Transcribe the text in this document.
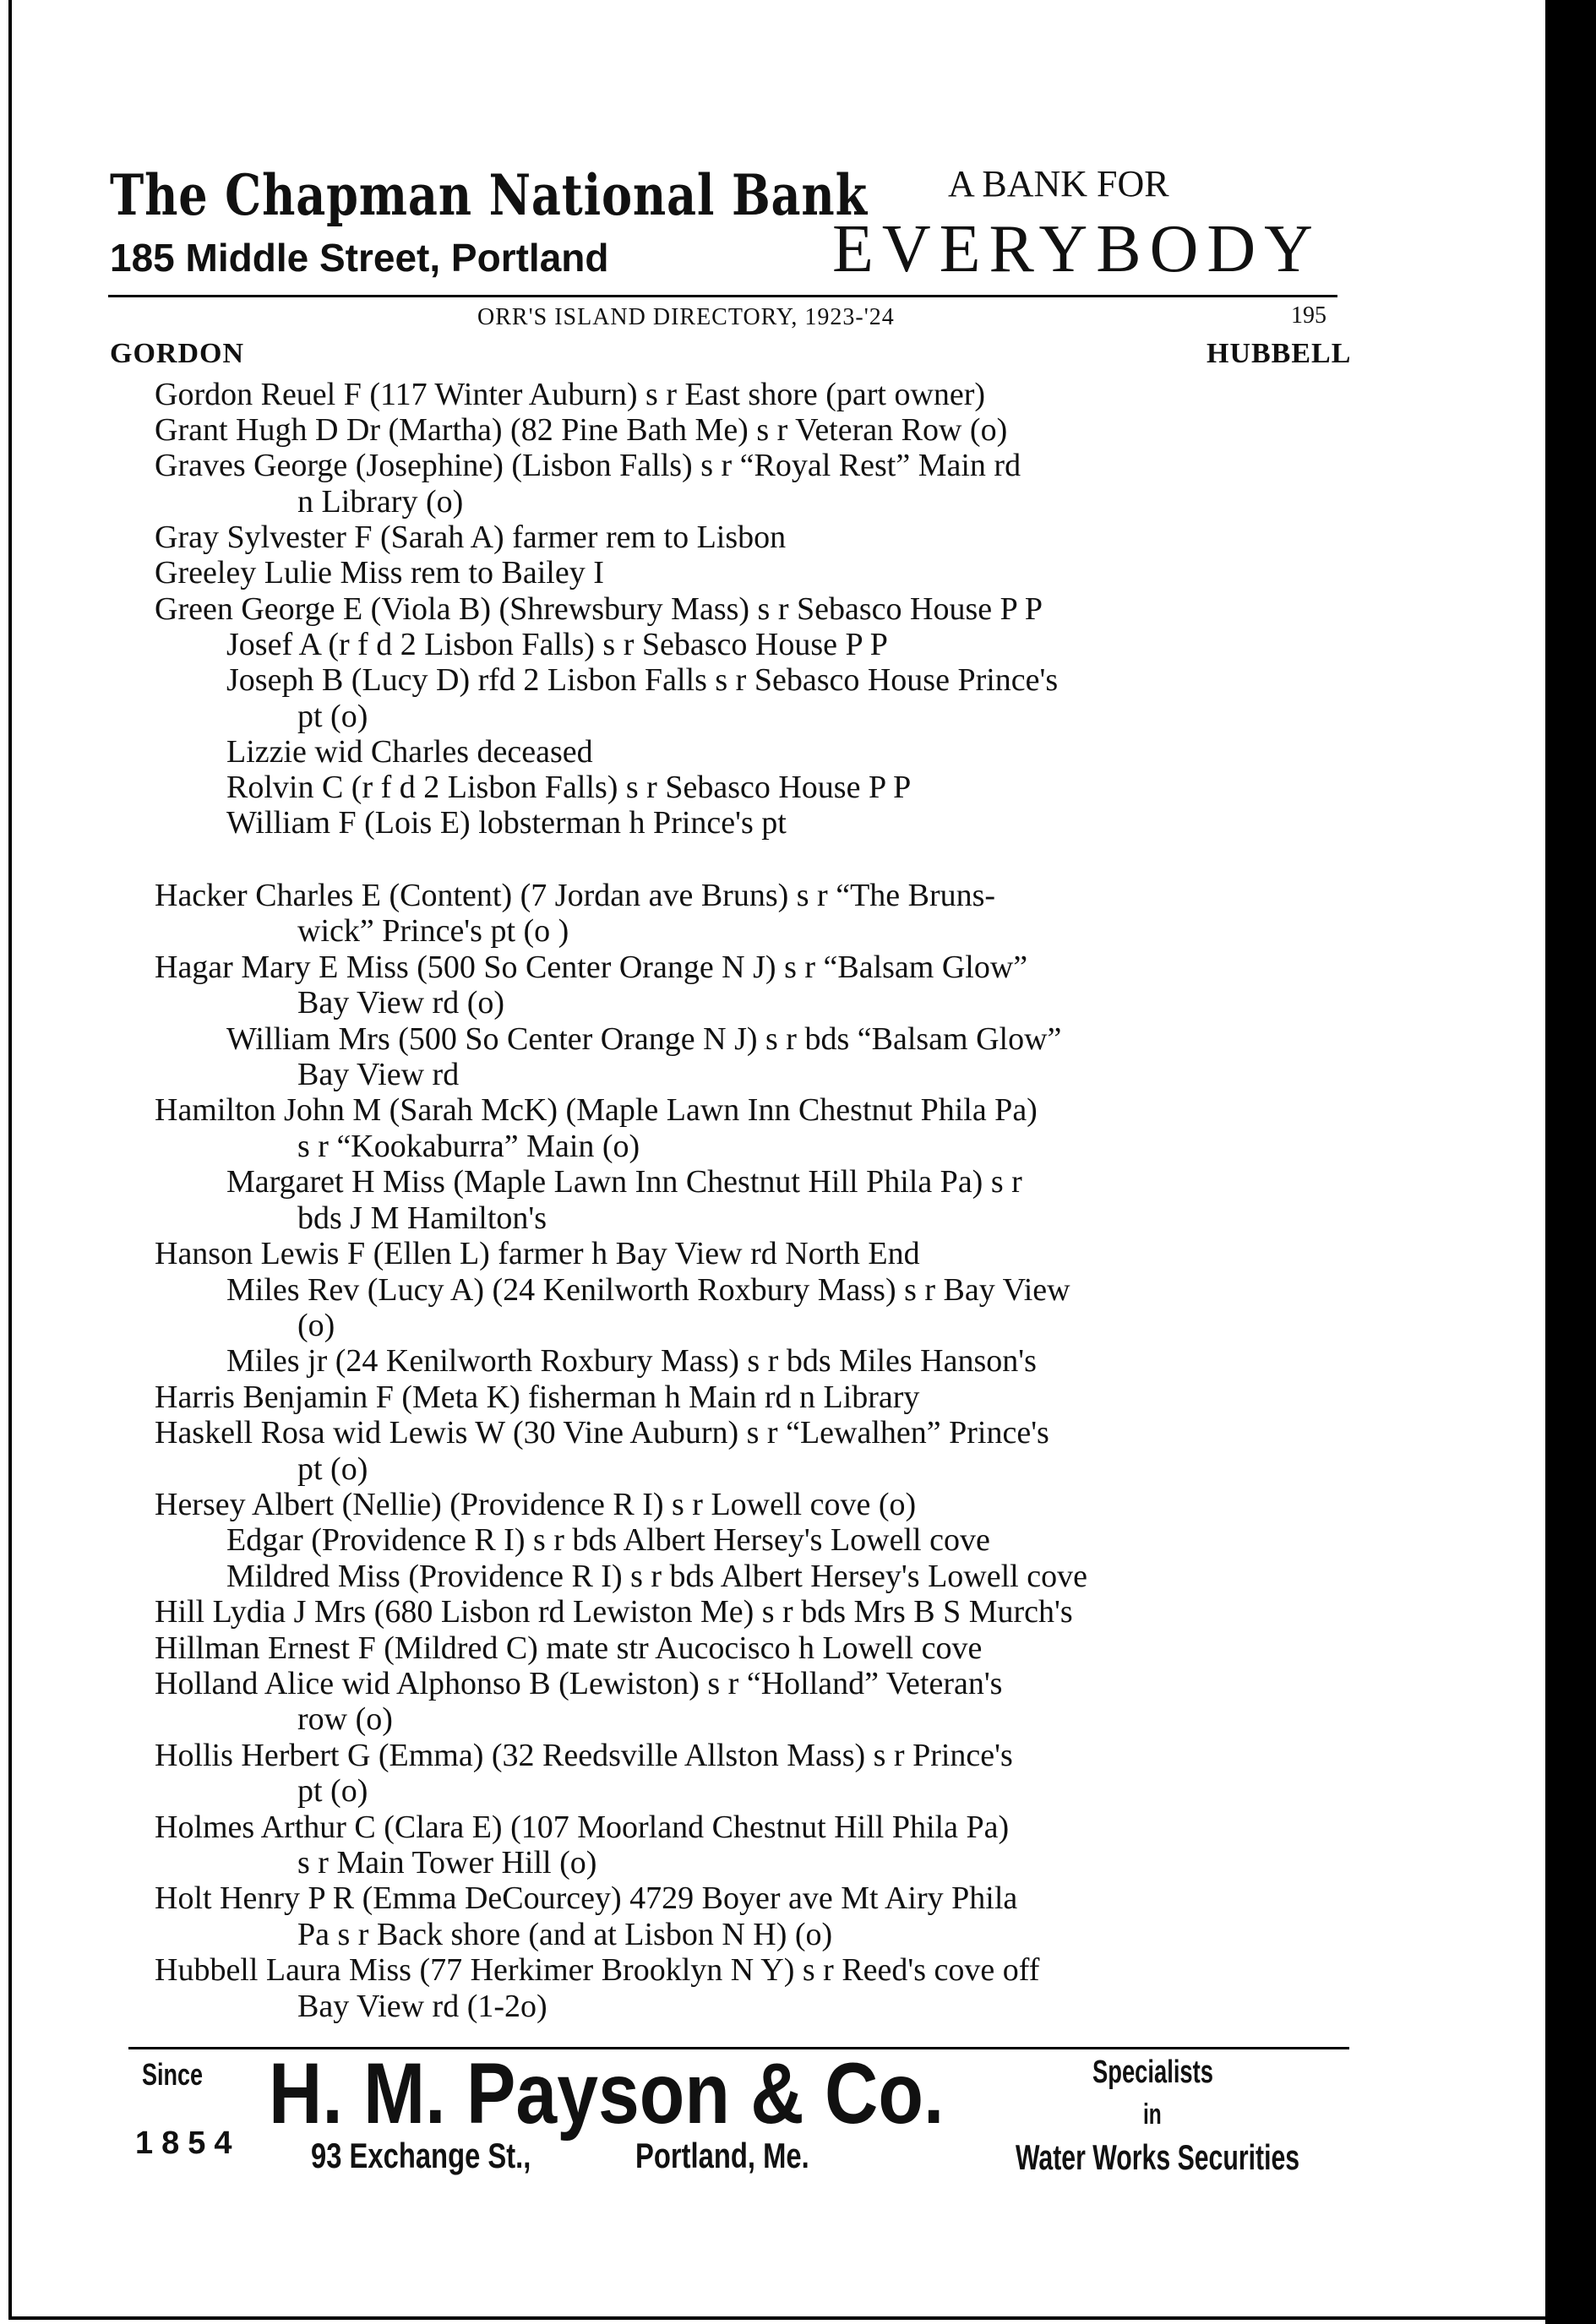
The Chapman National Bank
185 Middle Street, Portland
A BANK FOR
EVERYBODY
ORR'S ISLAND DIRECTORY, 1923-'24	195
GORDON	HUBBELL
Gordon Reuel F (117 Winter Auburn) s r East shore (part owner)
Grant Hugh D Dr (Martha) (82 Pine Bath Me) s r Veteran Row (o)
Graves George (Josephine) (Lisbon Falls) s r “Royal Rest” Main rd
n Library (o)
Gray Sylvester F (Sarah A) farmer rem to Lisbon
Greeley Lulie Miss rem to Bailey I
Green George E (Viola B) (Shrewsbury Mass) s r Sebasco House P P
Josef A (r f d 2 Lisbon Falls) s r Sebasco House P P
Joseph B (Lucy D) rfd 2 Lisbon Falls s r Sebasco House Prince's
pt (o)
Lizzie wid Charles deceased
Rolvin C (r f d 2 Lisbon Falls) s r Sebasco House P P
William F (Lois E) lobsterman h Prince's pt
Hacker Charles E (Content) (7 Jordan ave Bruns) s r “The Bruns-
wick” Prince's pt (o )
Hagar Mary E Miss (500 So Center Orange N J) s r “Balsam Glow”
Bay View rd (o)
William Mrs (500 So Center Orange N J) s r bds “Balsam Glow”
Bay View rd
Hamilton John M (Sarah McK) (Maple Lawn Inn Chestnut Phila Pa)
s r “Kookaburra” Main (o)
Margaret H Miss (Maple Lawn Inn Chestnut Hill Phila Pa) s r
bds J M Hamilton's
Hanson Lewis F (Ellen L) farmer h Bay View rd North End
Miles Rev (Lucy A) (24 Kenilworth Roxbury Mass) s r Bay View
(o)
Miles jr (24 Kenilworth Roxbury Mass) s r bds Miles Hanson's
Harris Benjamin F (Meta K) fisherman h Main rd n Library
Haskell Rosa wid Lewis W (30 Vine Auburn) s r “Lewalhen” Prince's
pt (o)
Hersey Albert (Nellie) (Providence R I) s r Lowell cove (o)
Edgar (Providence R I) s r bds Albert Hersey's Lowell cove
Mildred Miss (Providence R I) s r bds Albert Hersey's Lowell cove
Hill Lydia J Mrs (680 Lisbon rd Lewiston Me) s r bds Mrs B S Murch's
Hillman Ernest F (Mildred C) mate str Aucocisco h Lowell cove
Holland Alice wid Alphonso B (Lewiston) s r “Holland” Veteran's
row (o)
Hollis Herbert G (Emma) (32 Reedsville Allston Mass) s r Prince's
pt (o)
Holmes Arthur C (Clara E) (107 Moorland Chestnut Hill Phila Pa)
s r Main Tower Hill (o)
Holt Henry P R (Emma DeCourcey) 4729 Boyer ave Mt Airy Phila
Pa s r Back shore (and at Lisbon N H) (o)
Hubbell Laura Miss (77 Herkimer Brooklyn N Y) s r Reed's cove off
Bay View rd (1-2o)
Since
1854
H. M. Payson & Co.
93 Exchange St.,	Portland, Me.
Specialists
in
Water Works Securities
